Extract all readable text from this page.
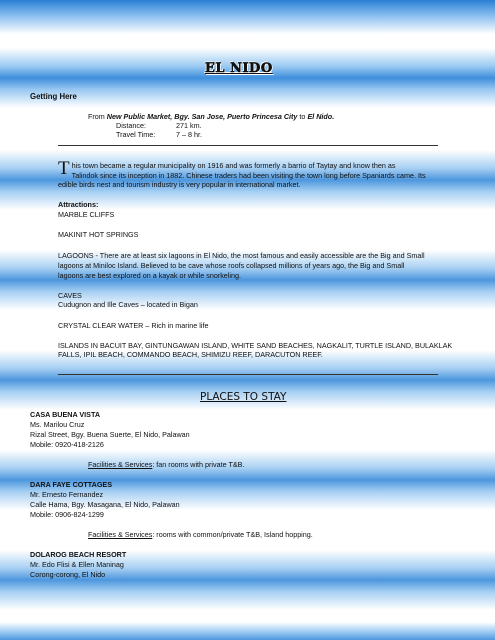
EL NIDO
Getting Here
From New Public Market, Bgy. San Jose, Puerto Princesa City to El Nido.
Distance:	271 km.
Travel Time:	7 – 8 hr.
T his town became a regular municipality on 1916 and was formerly a barrio of Taytay and know then as
Talindok since its inception in 1882. Chinese traders had been visiting the town long before Spaniards came. Its
edible birds nest and tourism industry is very popular in international market.
Attractions:
MARBLE CLIFFS
MAKINIT HOT SPRINGS
LAGOONS - There are at least six lagoons in El Nido, the most famous and easily accessible are the Big and Small
lagoons at Miniloc Island. Believed to be cave whose roofs collapsed millions of years ago, the Big and Small
lagoons are best explored on a kayak or while snorkeling.
CAVES
Cudugnon and Ille Caves – located in Bigan
CRYSTAL CLEAR WATER – Rich in marine life
ISLANDS IN BACUIT BAY, GINTUNGAWAN ISLAND, WHITE SAND BEACHES, NAGKALIT, TURTLE ISLAND, BULAKLAK
FALLS, IPIL BEACH, COMMANDO BEACH, SHIMIZU REEF, DARACUTON REEF.
PLACES TO STAY
CASA BUENA VISTA
Ms. Marilou Cruz
Rizal Street, Bgy. Buena Suerte, El Nido, Palawan
Mobile: 0920-418-2126
Facilities & Services: fan rooms with private T&B.
DARA FAYE COTTAGES
Mr. Ernesto Fernandez
Calle Hama, Bgy. Masagana, El Nido, Palawan
Mobile: 0906-824-1299
Facilities & Services: rooms with common/private T&B, Island hopping.
DOLAROG BEACH RESORT
Mr. Edo Flisi & Ellen Maninag
Corong-corong, El Nido
